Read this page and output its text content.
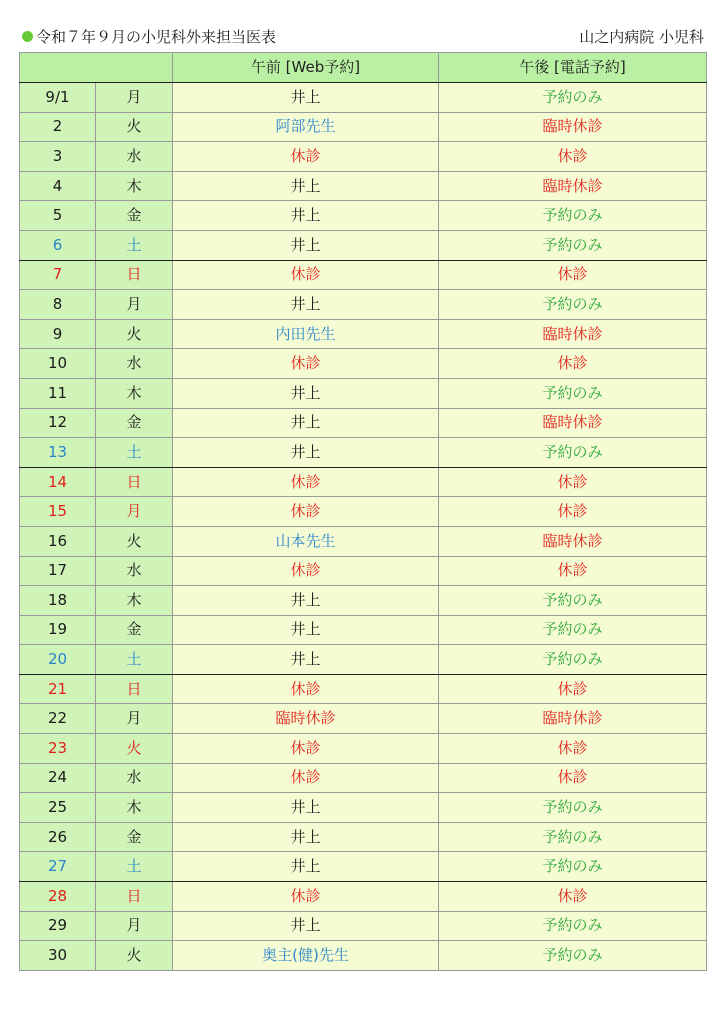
令和７年９月の小児科外来担当医表	山之内病院 小児科
		午前 [Web予約]	午後 [電話予約]
9/1	月	井上	予約のみ
2	火	阿部先生	臨時休診
3	水	休診	休診
4	木	井上	臨時休診
5	金	井上	予約のみ
6	土	井上	予約のみ
7	日	休診	休診
8	月	井上	予約のみ
9	火	内田先生	臨時休診
10	水	休診	休診
11	木	井上	予約のみ
12	金	井上	臨時休診
13	土	井上	予約のみ
14	日	休診	休診
15	月	休診	休診
16	火	山本先生	臨時休診
17	水	休診	休診
18	木	井上	予約のみ
19	金	井上	予約のみ
20	土	井上	予約のみ
21	日	休診	休診
22	月	臨時休診	臨時休診
23	火	休診	休診
24	水	休診	休診
25	木	井上	予約のみ
26	金	井上	予約のみ
27	土	井上	予約のみ
28	日	休診	休診
29	月	井上	予約のみ
30	火	奥主(健)先生	予約のみ
